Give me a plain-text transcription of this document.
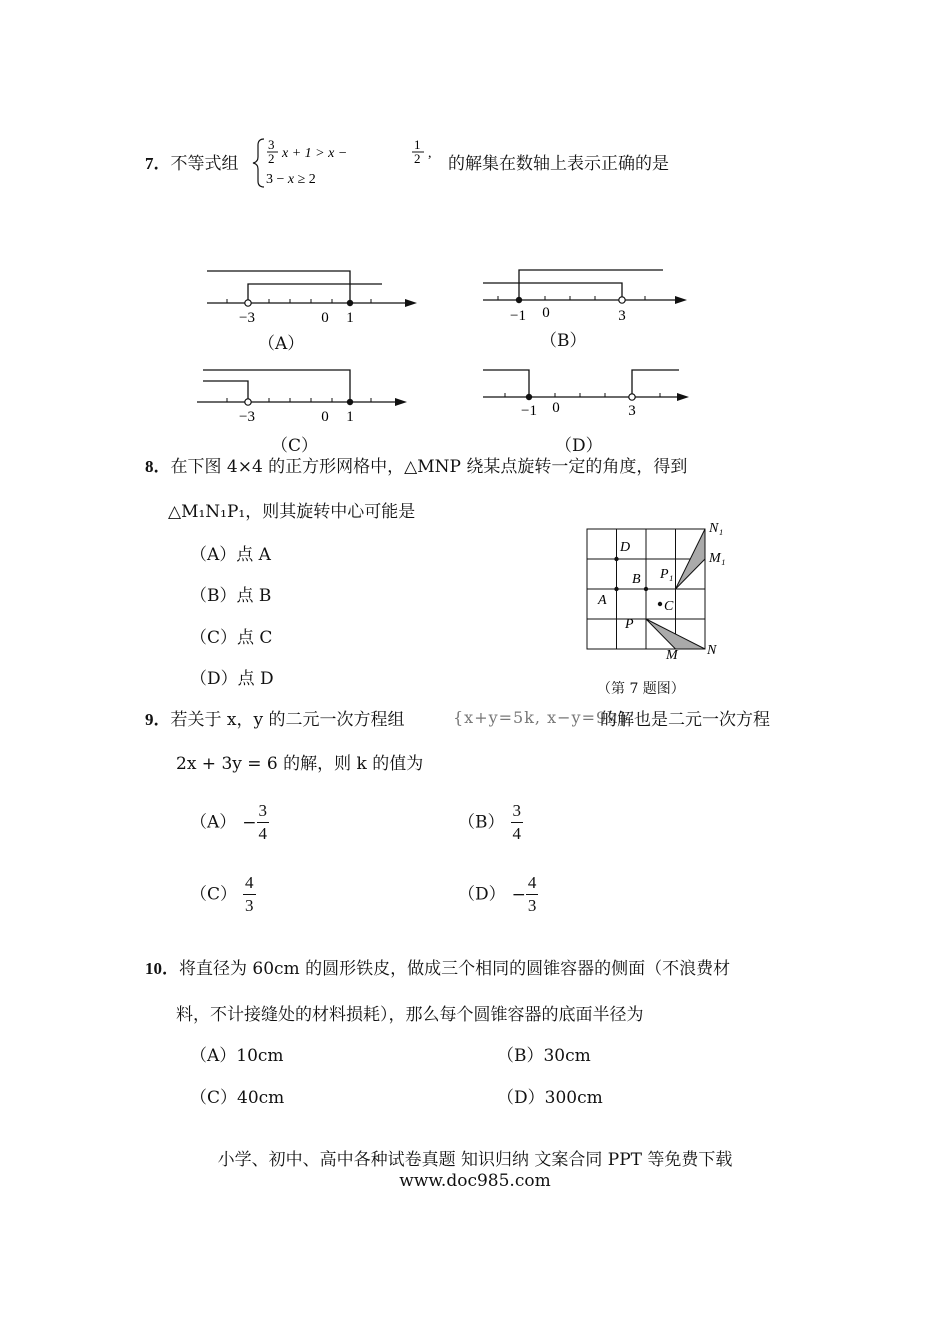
7．不等式组
3
2 x + 1 > x −
1
2 ,
3 − x ≥ 2
的解集在数轴上表示正确的是
−3	0 1
（A）
−1 0	3
（B）
−3	0 1
（C）
−1 0	3
（D）
8．在下图 4×4 的正方形网格中，△MNP 绕某点旋转一定的角度，得到
△M₁N₁P₁，则其旋转中心可能是
（A）点 A
（B）点 B
（C）点 C
（D）点 D
D
B
A	C
P
M N
P₁
M₁
N₁
（第 7 题图）
9．若关于 x，y 的二元一次方程组	{x+y=5k, x−y=9k}
的解也是二元一次方程
2x + 3y = 6 的解，则 k 的值为
$(A) - \frac{3}{4}$	$(B) \frac{3}{4}$
$(C) \frac{4}{3}$	$(D) - \frac{4}{3}$
10．将直径为 60cm 的圆形铁皮，做成三个相同的圆锥容器的侧面（不浪费材
料，不计接缝处的材料损耗），那么每个圆锥容器的底面半径为
（A）10cm	（B）30cm
（C）40cm	（D）300cm
小学、初中、高中各种试卷真题 知识归纳 文案合同 PPT 等免费下载
www.doc985.com
